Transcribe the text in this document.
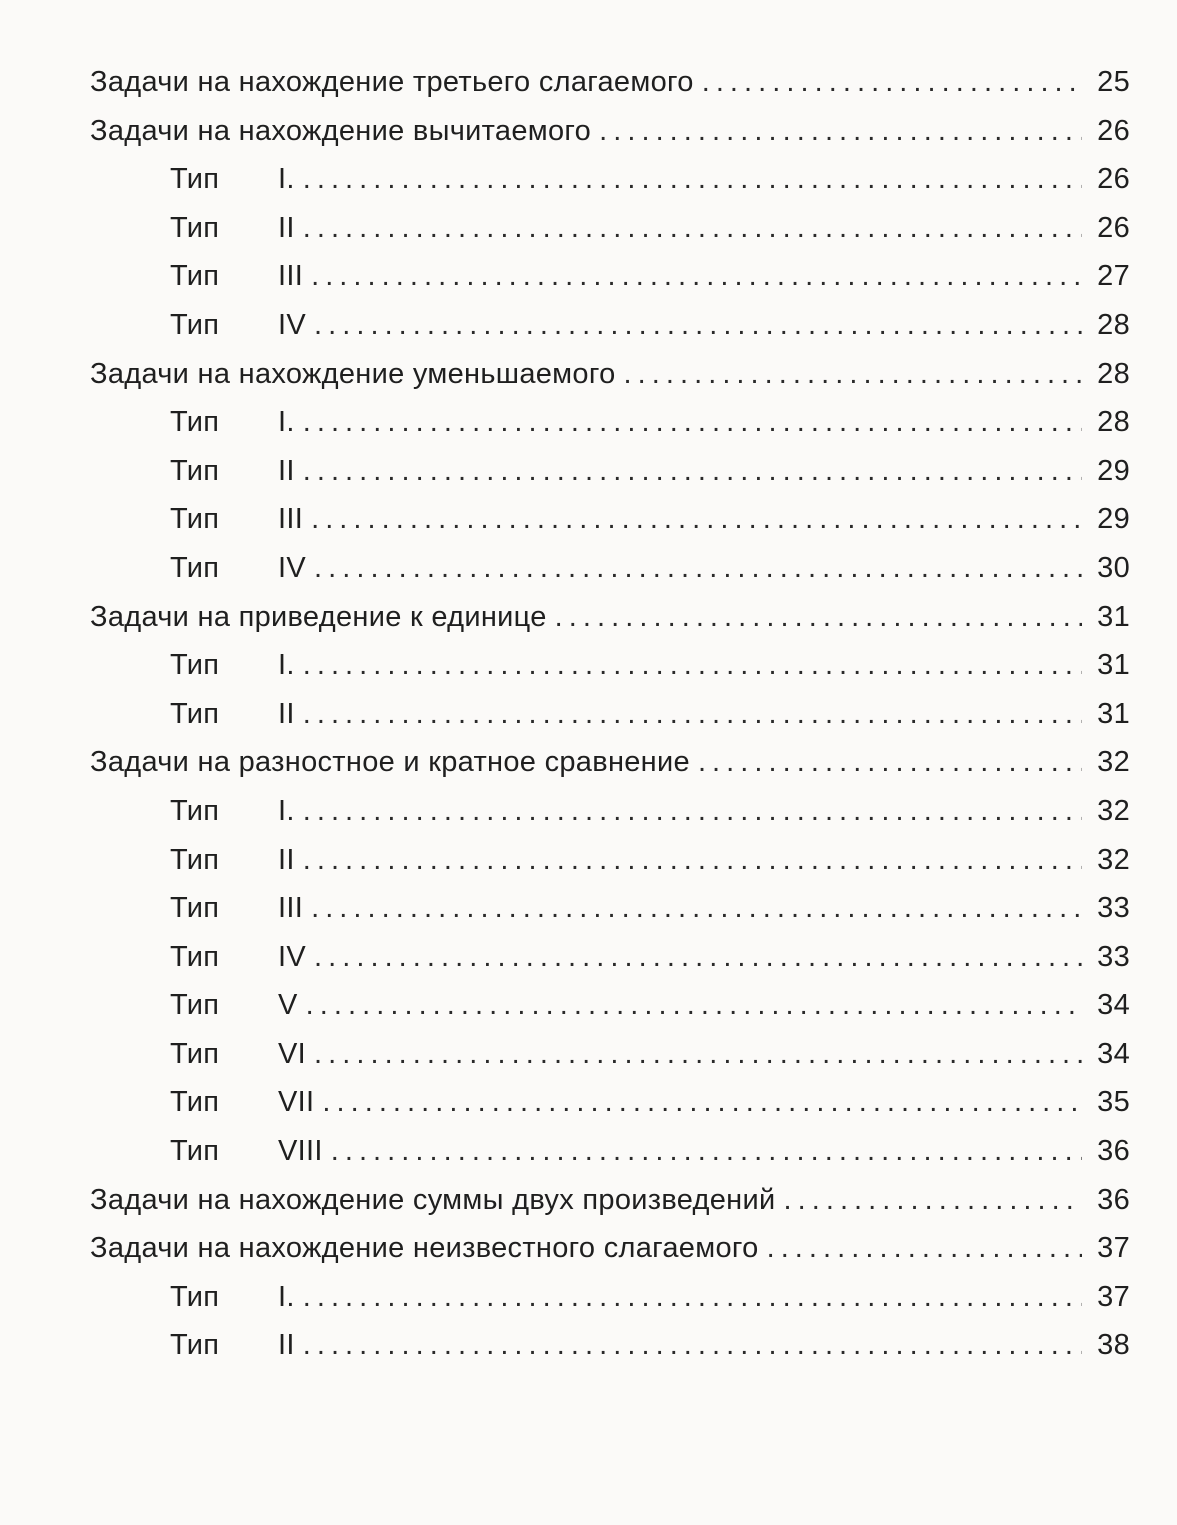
Задачи на нахождение третьего слагаемого . . .	25
Задачи на нахождение вычитаемого . . .	26
Тип I. . . .	26
Тип II . . .	26
Тип III . . .	27
Тип IV . . .	28
Задачи на нахождение уменьшаемого . . .	28
Тип I. . . .	28
Тип II . . .	29
Тип III . . .	29
Тип IV . . .	30
Задачи на приведение к единице . . .	31
Тип I. . . .	31
Тип II . . .	31
Задачи на разностное и кратное сравнение . . .	32
Тип I. . . .	32
Тип II . . .	32
Тип III . . .	33
Тип IV . . .	33
Тип V . . .	34
Тип VI . . .	34
Тип VII . . .	35
Тип VIII . . .	36
Задачи на нахождение суммы двух произведений . . .	36
Задачи на нахождение неизвестного слагаемого . . .	37
Тип I. . . .	37
Тип II . . .	38
